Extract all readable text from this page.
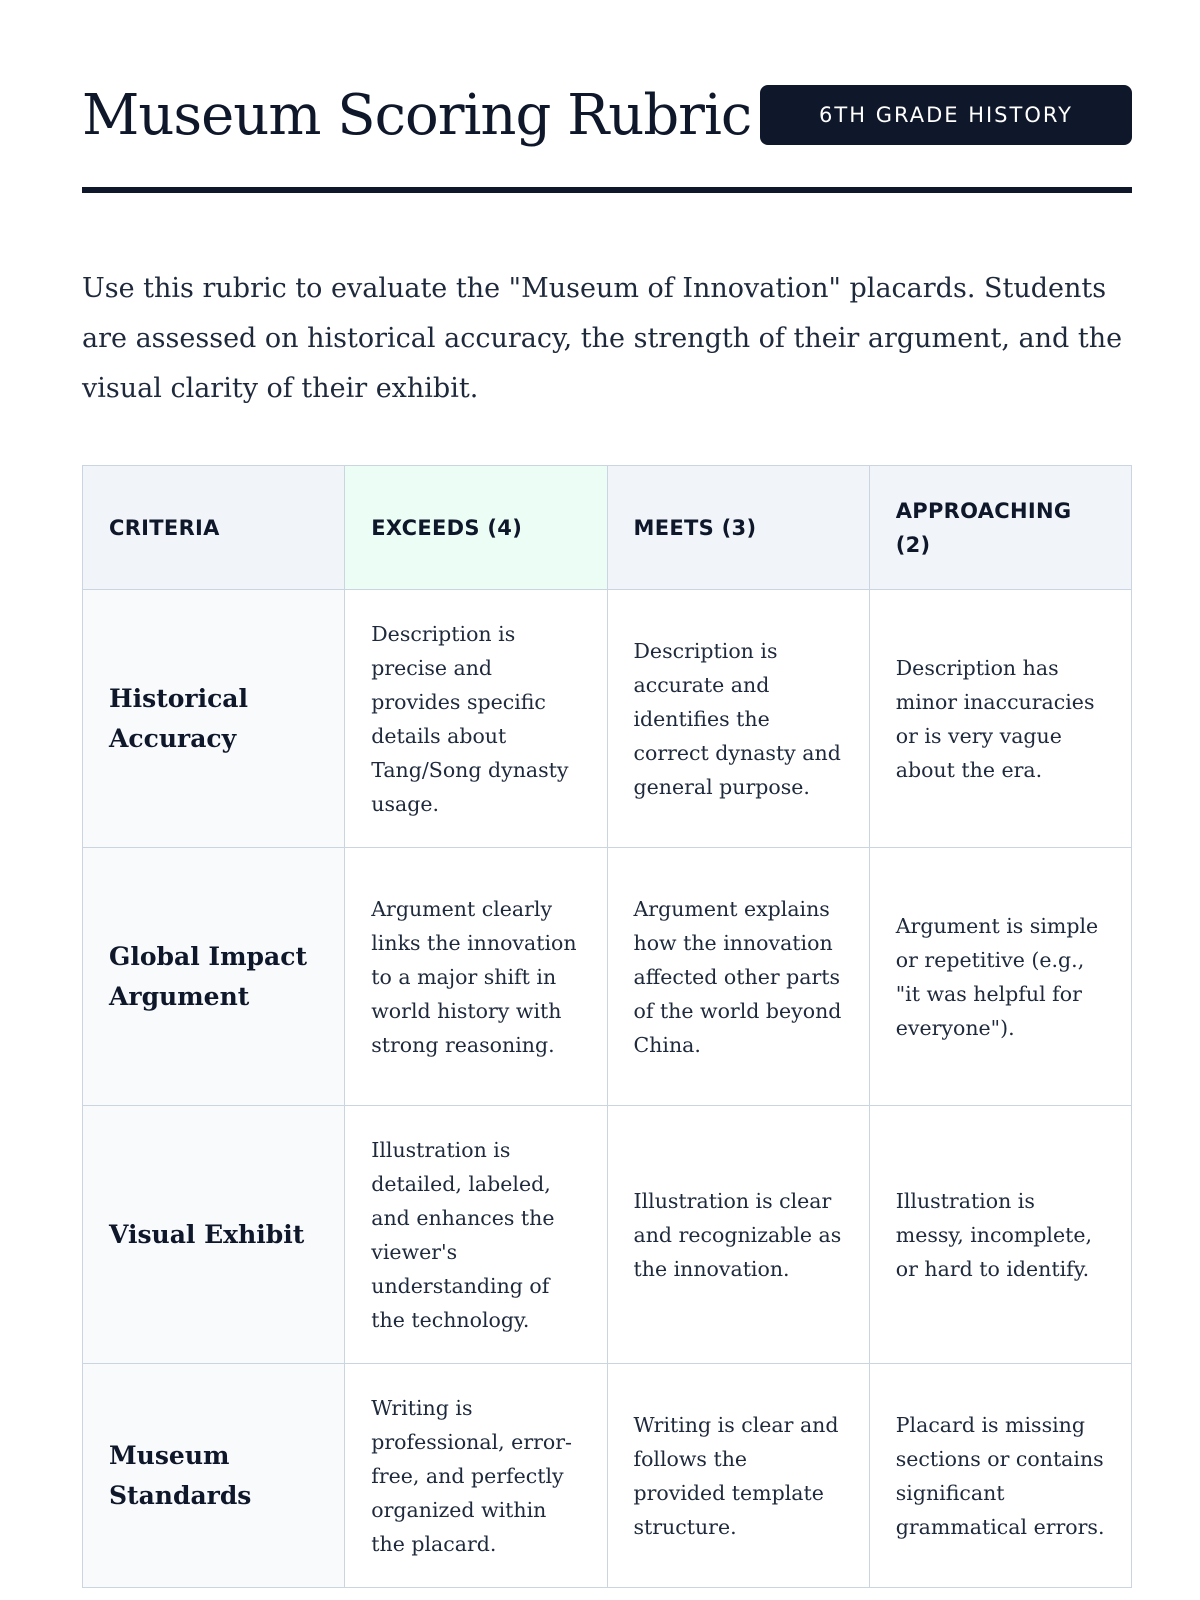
Museum Scoring Rubric	6TH GRADE HISTORY

Use this rubric to evaluate the "Museum of Innovation" placards. Students are assessed on historical accuracy, the strength of their argument, and the visual clarity of their exhibit.

CRITERIA	EXCEEDS (4)	MEETS (3)	APPROACHING (2)
Historical Accuracy	Description is precise and provides specific details about Tang/Song dynasty usage.	Description is accurate and identifies the correct dynasty and general purpose.	Description has minor inaccuracies or is very vague about the era.
Global Impact Argument	Argument clearly links the innovation to a major shift in world history with strong reasoning.	Argument explains how the innovation affected other parts of the world beyond China.	Argument is simple or repetitive (e.g., "it was helpful for everyone").
Visual Exhibit	Illustration is detailed, labeled, and enhances the viewer's understanding of the technology.	Illustration is clear and recognizable as the innovation.	Illustration is messy, incomplete, or hard to identify.
Museum Standards	Writing is professional, error-free, and perfectly organized within the placard.	Writing is clear and follows the provided template structure.	Placard is missing sections or contains significant grammatical errors.
